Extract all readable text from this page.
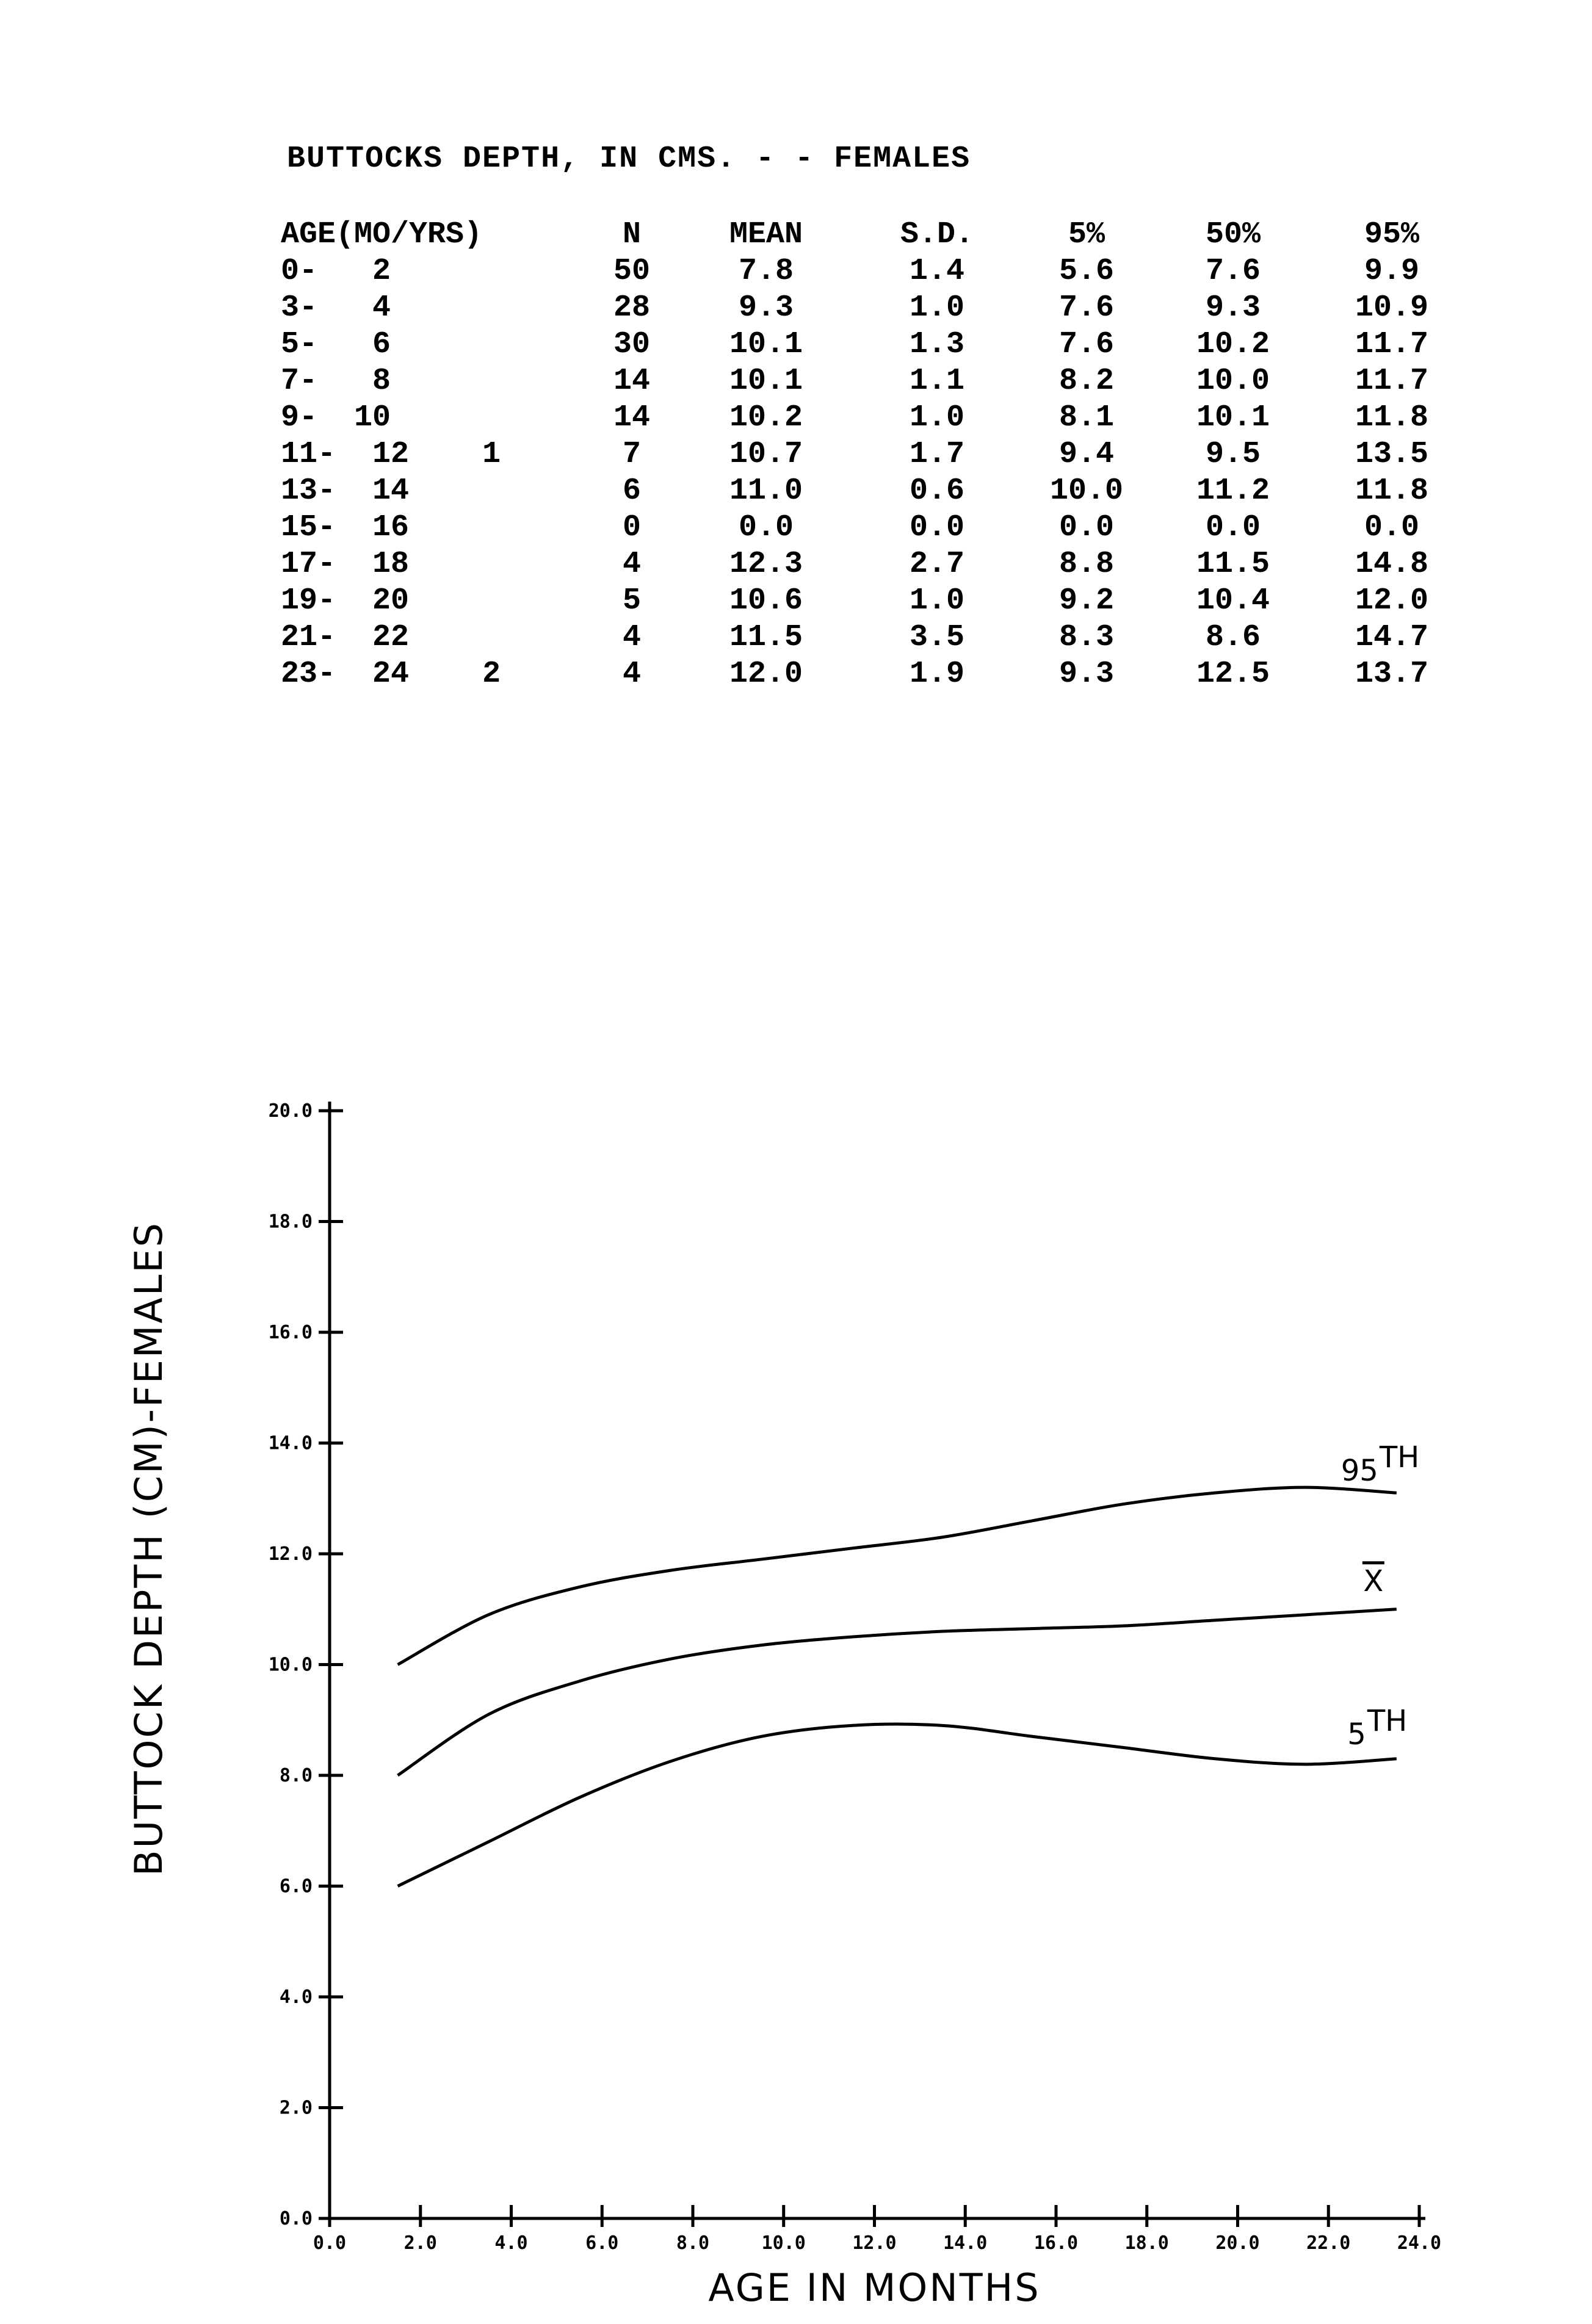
BUTTOCKS DEPTH, IN CMS. - - FEMALES
AGE(MO/YRS)		N	MEAN	S.D.	5%	50%	95%
0-   2		50	7.8	1.4	5.6	7.6	9.9
3-   4		28	9.3	1.0	7.6	9.3	10.9
5-   6		30	10.1	1.3	7.6	10.2	11.7
7-   8		14	10.1	1.1	8.2	10.0	11.7
9-  10		14	10.2	1.0	8.1	10.1	11.8
11-  12	1	7	10.7	1.7	9.4	9.5	13.5
13-  14		6	11.0	0.6	10.0	11.2	11.8
15-  16		0	0.0	0.0	0.0	0.0	0.0
17-  18		4	12.3	2.7	8.8	11.5	14.8
19-  20		5	10.6	1.0	9.2	10.4	12.0
21-  22		4	11.5	3.5	8.3	8.6	14.7
23-  24	2	4	12.0	1.9	9.3	12.5	13.7
0.0
2.0
4.0
6.0
8.0
10.0
12.0
14.0
16.0
18.0
20.0
0.0	2.0	4.0	6.0	8.0	10.0	12.0	14.0	16.0	18.0	20.0	22.0	24.0
AGE IN MONTHS
BUTTOCK DEPTH (CM)-FEMALES	95 TH
X
5 TH
